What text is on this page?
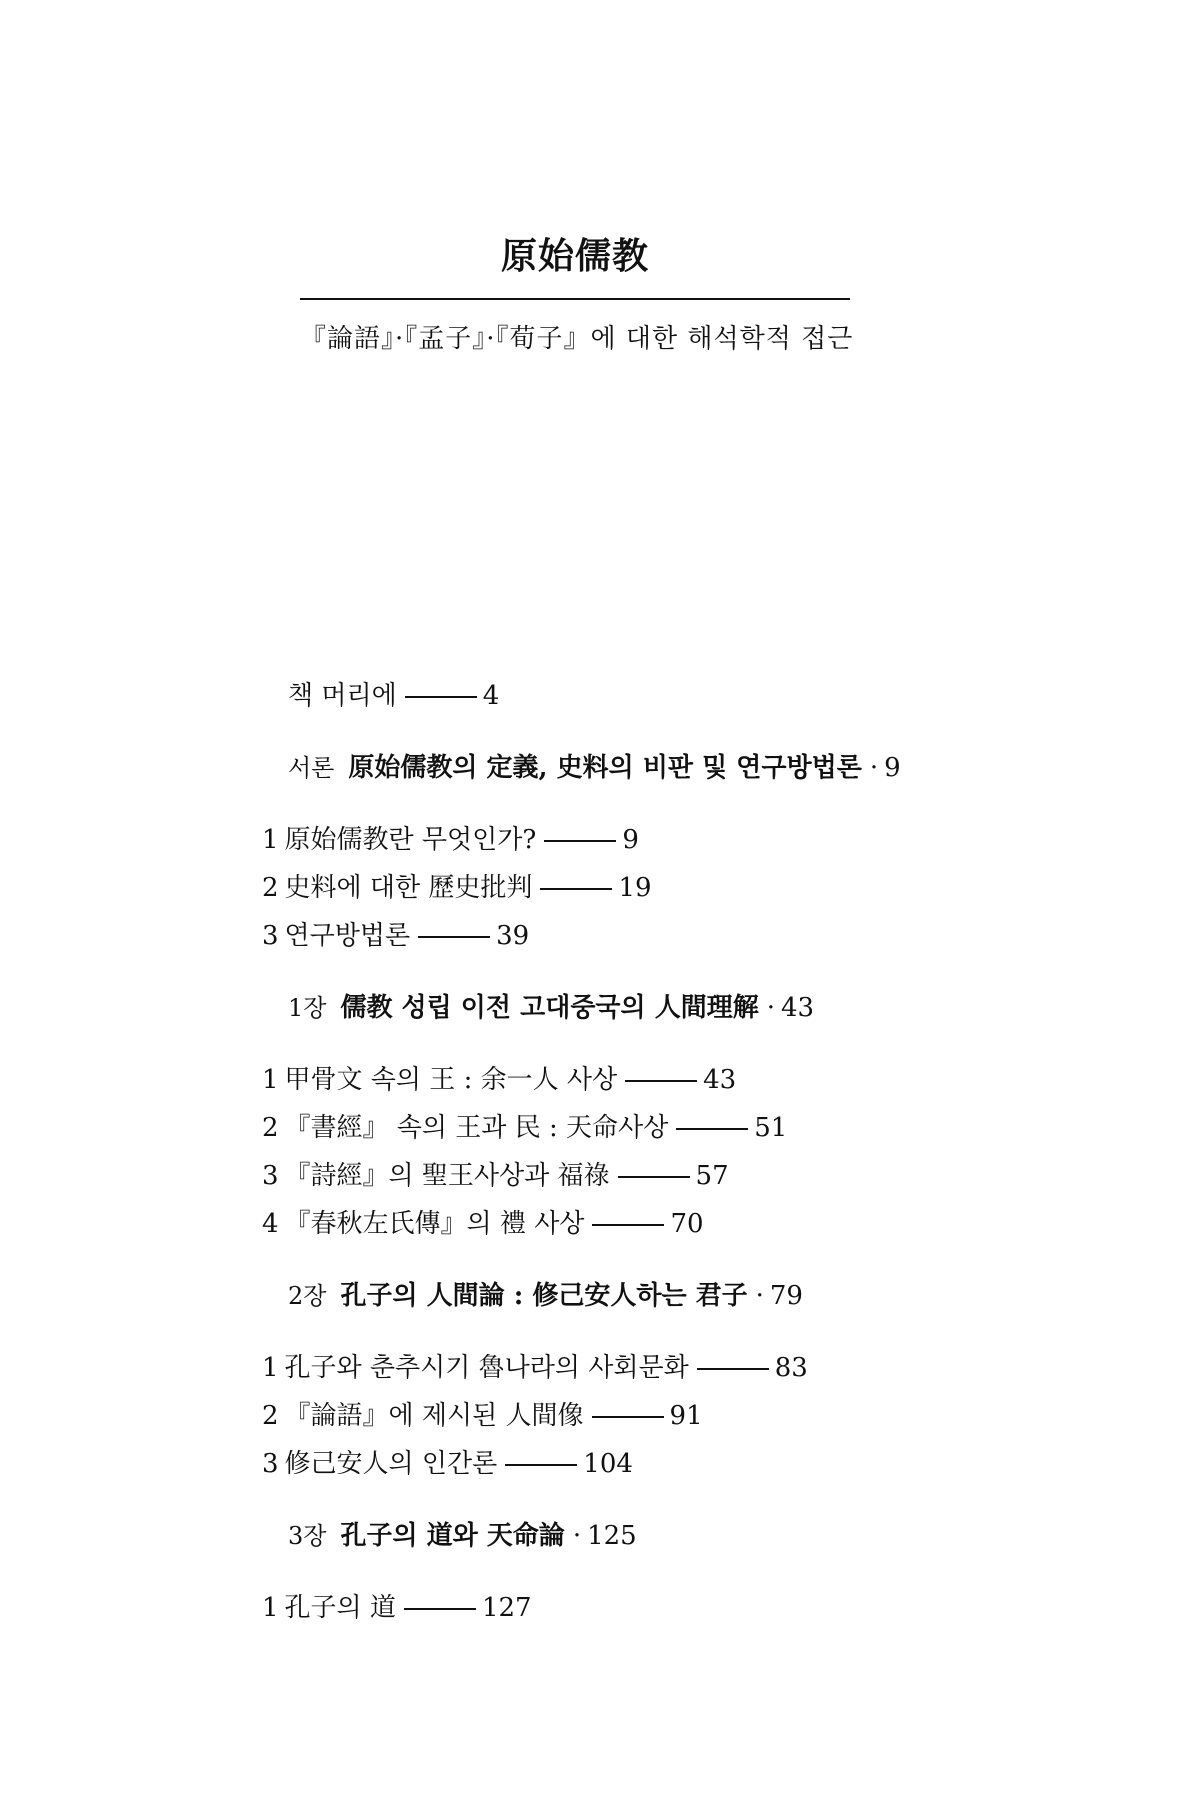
原始儒教
『論語』·『孟子』·『荀子』에 대한 해석학적 접근
책 머리에	4
서론 原始儒教의 定義, 史料의 비판 및 연구방법론 · 9
1 原始儒教란 무엇인가?	9
2 史料에 대한 歷史批判	19
3 연구방법론	39
1장 儒教 성립 이전 고대중국의 人間理解 · 43
1 甲骨文 속의 王 : 余一人 사상	43
2 『書經』 속의 王과 民 : 天命사상	51
3 『詩經』의 聖王사상과 福祿	57
4 『春秋左氏傳』의 禮 사상	70
2장 孔子의 人間論 : 修己安人하는 君子 · 79
1 孔子와 춘추시기 魯나라의 사회문화	83
2 『論語』에 제시된 人間像	91
3 修己安人의 인간론	104
3장 孔子의 道와 天命論 · 125
1 孔子의 道	127
